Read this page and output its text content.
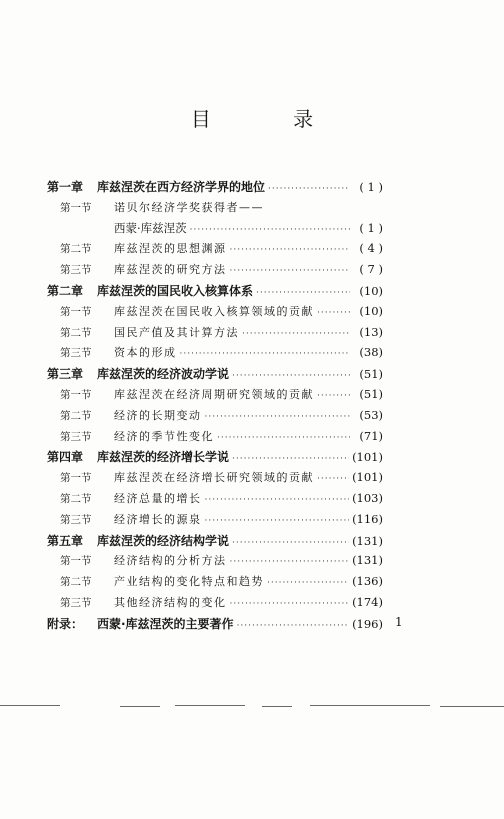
目 录
第一章	库兹涅茨在西方经济学界的地位 ·····	( 1 )
第一节	诺贝尔经济学奖获得者——
西蒙·库兹涅茨 ·····	( 1 )
第二节	库兹涅茨的思想渊源 ·····	( 4 )
第三节	库兹涅茨的研究方法 ·····	( 7 )
第二章	库兹涅茨的国民收入核算体系 ·····	(10)
第一节	库兹涅茨在国民收入核算领域的贡献 ·····	(10)
第二节	国民产值及其计算方法 ·····	(13)
第三节	资本的形成 ·····	(38)
第三章	库兹涅茨的经济波动学说 ·····	(51)
第一节	库兹涅茨在经济周期研究领域的贡献 ·····	(51)
第二节	经济的长期变动 ·····	(53)
第三节	经济的季节性变化 ·····	(71)
第四章	库兹涅茨的经济增长学说 ·····	(101)
第一节	库兹涅茨在经济增长研究领域的贡献 ·····	(101)
第二节	经济总量的增长 ·····	(103)
第三节	经济增长的源泉 ·····	(116)
第五章	库兹涅茨的经济结构学说 ·····	(131)
第一节	经济结构的分析方法 ·····	(131)
第二节	产业结构的变化特点和趋势 ·····	(136)
第三节	其他经济结构的变化 ·····	(174)
附录：	西蒙·库兹涅茨的主要著作 ·····	(196) 1
